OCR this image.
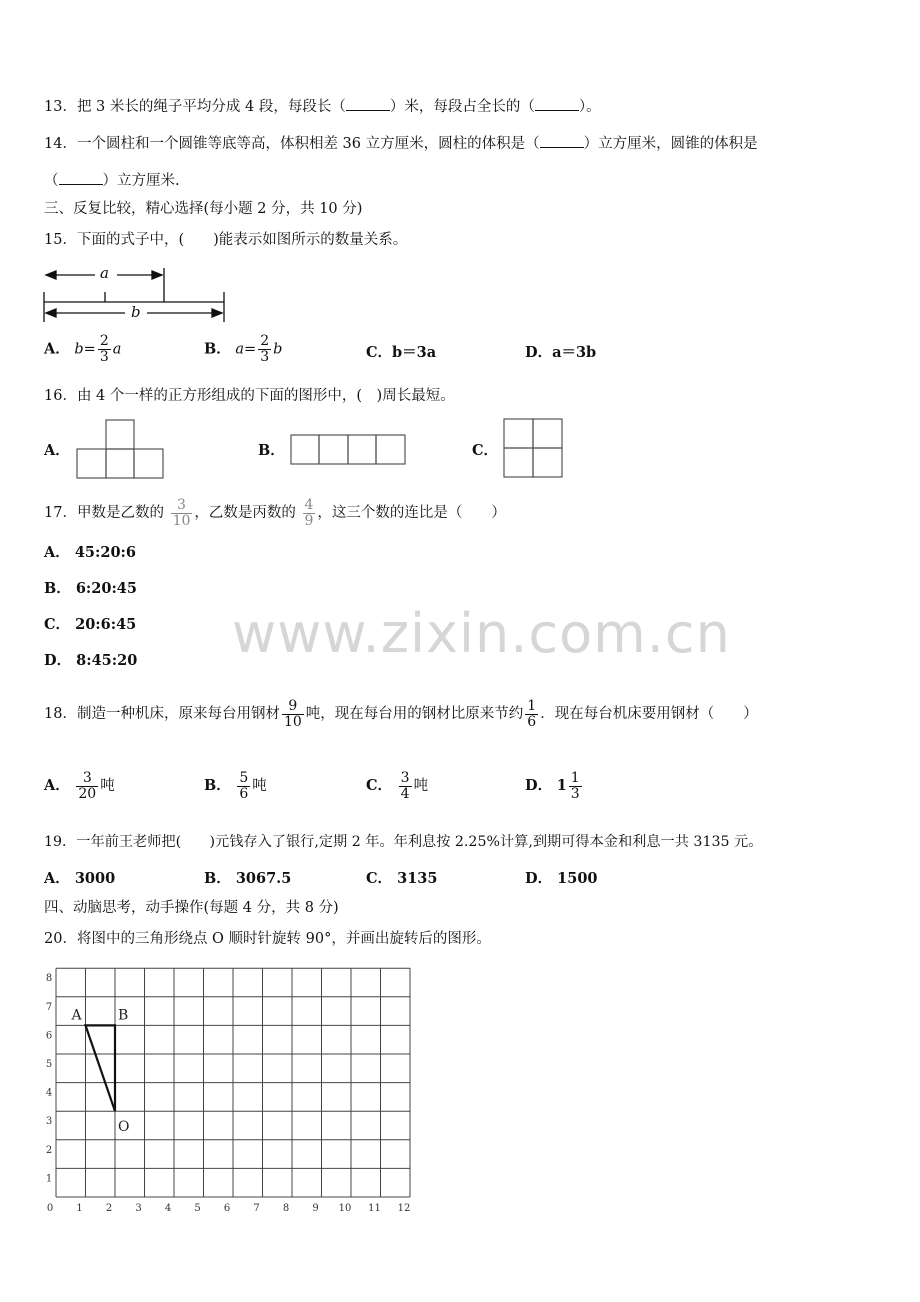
13．把 3 米长的绳子平均分成 4 段，每段长（	）米，每段占全长的（	）。
14．一个圆柱和一个圆锥等底等高，体积相差 36 立方厘米，圆柱的体积是（	）立方厘米，圆锥的体积是
（	）立方厘米.
三、反复比较，精心选择(每小题 2 分，共 10 分)
15．下面的式子中，(　　)能表示如图所示的数量关系。
a
b
A． $b= \frac{2}{3}$ a	B． $a= \frac{2}{3}$ b	C．b＝3a	D．a＝3b
16．由 4 个一样的正方形组成的下面的图形中，(　)周长最短。
A．	B．	C．
17．甲数是乙数的 $\frac{3}{10}$ ，乙数是丙数的 $\frac{4}{9}$ ，这三个数的连比是（　　）
A． 45:20:6
B． 6:20:45
C． 20:6:45
D． 8:45:20 www.zixin.com.cn
18．制造一种机床，原来每台用钢材 $\frac{9}{10}$ 吨，现在每台用的钢材比原来节约 $\frac{1}{6}$ ．现在每台机床要用钢材（　　）
A． $\frac{3}{20}$ 吨	B． $\frac{5}{6}$ 吨	C． $\frac{3}{4}$ 吨	D． $1 \frac{1}{3}$
19．一年前王老师把(　　)元钱存入了银行,定期 2 年。年利息按 2.25%计算,到期可得本金和利息一共 3135 元。
A． 3000	B． 3067.5	C． 3135	D． 1500
四、动脑思考，动手操作(每题 4 分，共 8 分)
20．将图中的三角形绕点 O 顺时针旋转 90°，并画出旋转后的图形。
0 1 2 3 4 5 6 7 8 9 10 11 12
1
2
3
4
5
6
7
8
A	B
O
